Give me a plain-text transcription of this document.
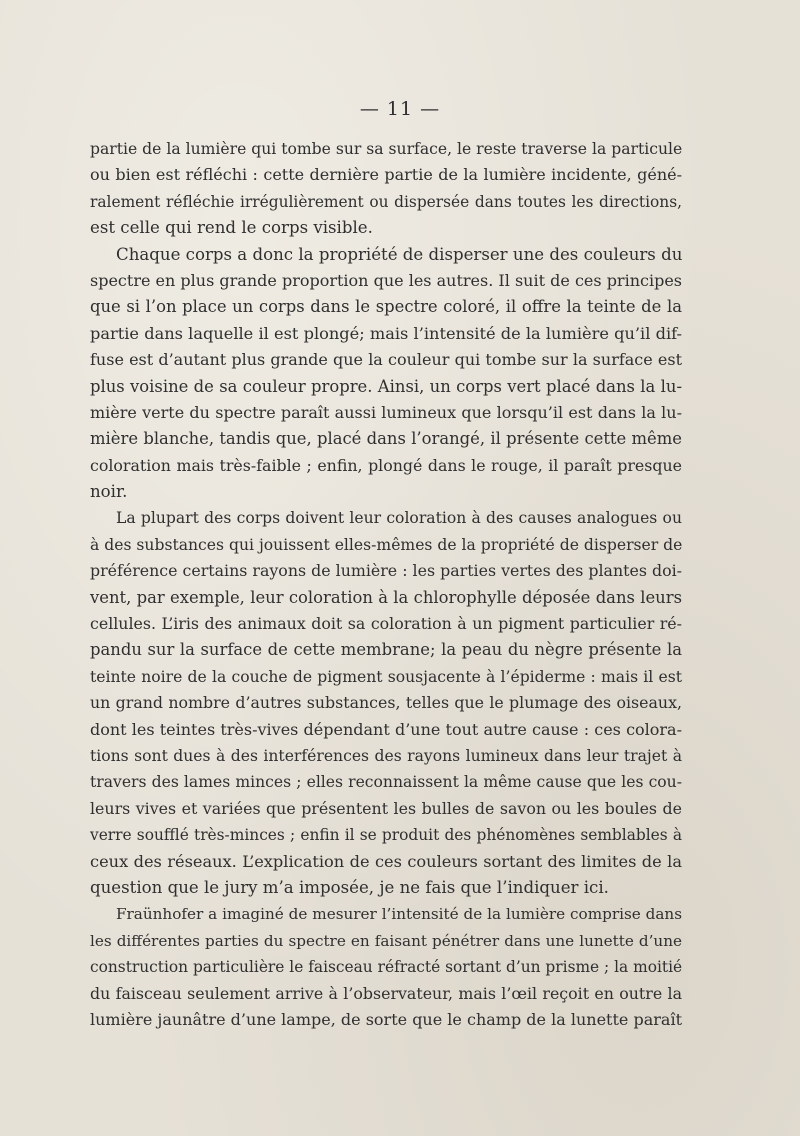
— 11 —
partie de la lumière qui tombe sur sa surface, le reste traverse la particule
ou bien est réfléchi : cette dernière partie de la lumière incidente, géné-
ralement réfléchie irrégulièrement ou dispersée dans toutes les directions,
est celle qui rend le corps visible.
Chaque corps a donc la propriété de disperser une des couleurs du
spectre en plus grande proportion que les autres. Il suit de ces principes
que si l’on place un corps dans le spectre coloré, il offre la teinte de la
partie dans laquelle il est plongé; mais l’intensité de la lumière qu’il dif-
fuse est d’autant plus grande que la couleur qui tombe sur la surface est
plus voisine de sa couleur propre. Ainsi, un corps vert placé dans la lu-
mière verte du spectre paraît aussi lumineux que lorsqu’il est dans la lu-
mière blanche, tandis que, placé dans l’orangé, il présente cette même
coloration mais très-faible ; enfin, plongé dans le rouge, il paraît presque
noir.
La plupart des corps doivent leur coloration à des causes analogues ou
à des substances qui jouissent elles-mêmes de la propriété de disperser de
préférence certains rayons de lumière : les parties vertes des plantes doi-
vent, par exemple, leur coloration à la chlorophylle déposée dans leurs
cellules. L’iris des animaux doit sa coloration à un pigment particulier ré-
pandu sur la surface de cette membrane; la peau du nègre présente la
teinte noire de la couche de pigment sousjacente à l’épiderme : mais il est
un grand nombre d’autres substances, telles que le plumage des oiseaux,
dont les teintes très-vives dépendant d’une tout autre cause : ces colora-
tions sont dues à des interférences des rayons lumineux dans leur trajet à
travers des lames minces ; elles reconnaissent la même cause que les cou-
leurs vives et variées que présentent les bulles de savon ou les boules de
verre soufflé très-minces ; enfin il se produit des phénomènes semblables à
ceux des réseaux. L’explication de ces couleurs sortant des limites de la
question que le jury m’a imposée, je ne fais que l’indiquer ici.
Fraünhofer a imaginé de mesurer l’intensité de la lumière comprise dans
les différentes parties du spectre en faisant pénétrer dans une lunette d’une
construction particulière le faisceau réfracté sortant d’un prisme ; la moitié
du faisceau seulement arrive à l’observateur, mais l’œil reçoit en outre la
lumière jaunâtre d’une lampe, de sorte que le champ de la lunette paraît
